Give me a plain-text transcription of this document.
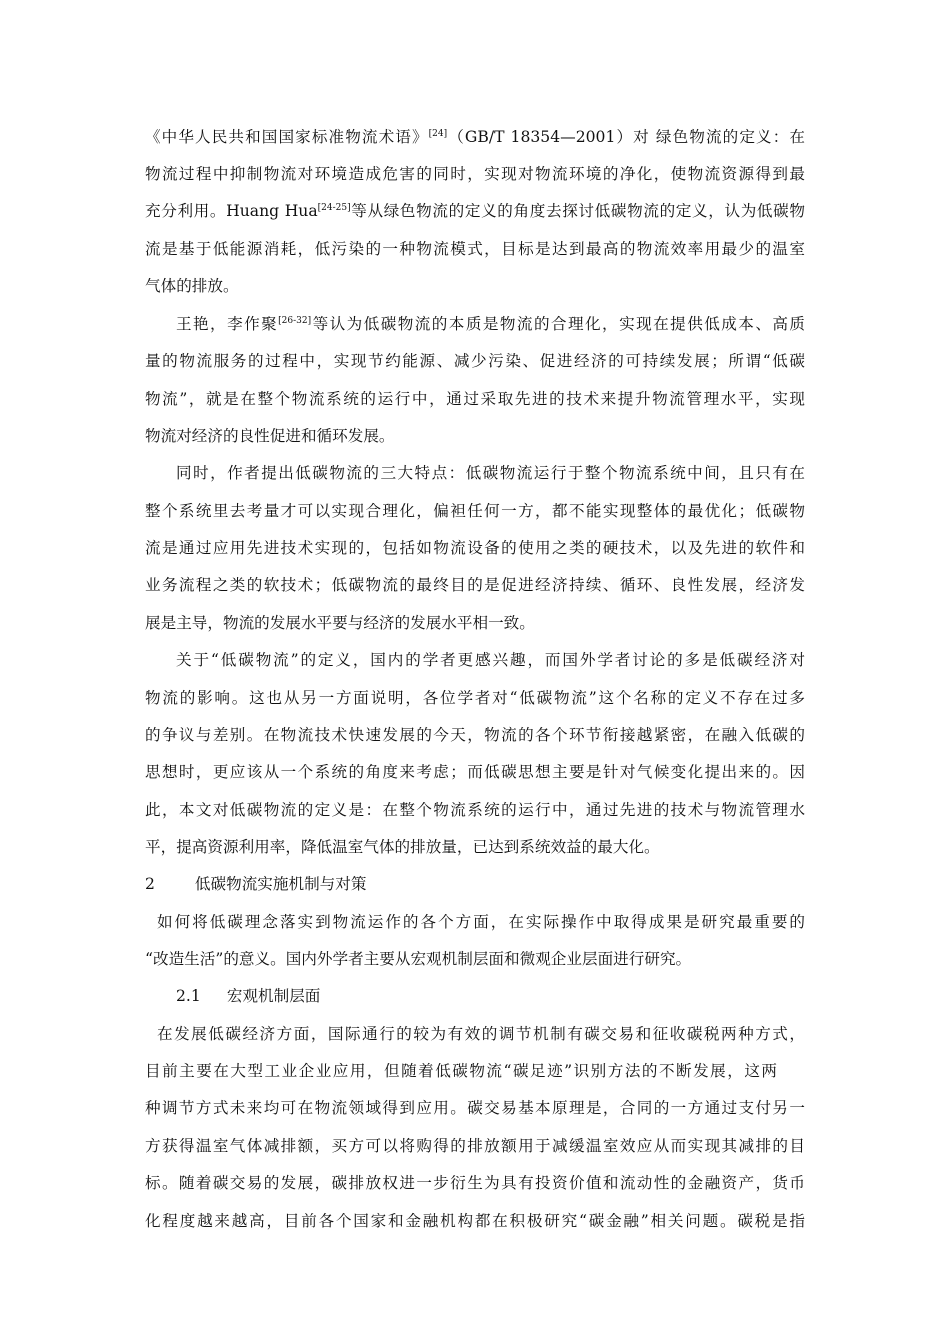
《中华人民共和国国家标准物流术语》[24]（GB/T 18354—2001）对 绿色物流的定义：在
物流过程中抑制物流对环境造成危害的同时，实现对物流环境的净化，使物流资源得到最
充分利用。Huang Hua[24-25]等从绿色物流的定义的角度去探讨低碳物流的定义，认为低碳物
流是基于低能源消耗，低污染的一种物流模式，目标是达到最高的物流效率用最少的温室
气体的排放。
王艳，李作聚[26-32]等认为低碳物流的本质是物流的合理化，实现在提供低成本、高质
量的物流服务的过程中，实现节约能源、减少污染、促进经济的可持续发展；所谓“低碳
物流”，就是在整个物流系统的运行中，通过采取先进的技术来提升物流管理水平，实现
物流对经济的良性促进和循环发展。
同时，作者提出低碳物流的三大特点：低碳物流运行于整个物流系统中间，且只有在
整个系统里去考量才可以实现合理化，偏袒任何一方，都不能实现整体的最优化；低碳物
流是通过应用先进技术实现的，包括如物流设备的使用之类的硬技术，以及先进的软件和
业务流程之类的软技术；低碳物流的最终目的是促进经济持续、循环、良性发展，经济发
展是主导，物流的发展水平要与经济的发展水平相一致。
关于“低碳物流”的定义，国内的学者更感兴趣，而国外学者讨论的多是低碳经济对
物流的影响。这也从另一方面说明，各位学者对“低碳物流”这个名称的定义不存在过多
的争议与差别。在物流技术快速发展的今天，物流的各个环节衔接越紧密，在融入低碳的
思想时，更应该从一个系统的角度来考虑；而低碳思想主要是针对气候变化提出来的。因
此，本文对低碳物流的定义是：在整个物流系统的运行中，通过先进的技术与物流管理水
平，提高资源利用率，降低温室气体的排放量，已达到系统效益的最大化。
2	低碳物流实施机制与对策
如何将低碳理念落实到物流运作的各个方面，在实际操作中取得成果是研究最重要的
“改造生活”的意义。国内外学者主要从宏观机制层面和微观企业层面进行研究。
2.1 宏观机制层面
在发展低碳经济方面，国际通行的较为有效的调节机制有碳交易和征收碳税两种方式，
目前主要在大型工业企业应用，但随着低碳物流“碳足迹”识别方法的不断发展，这两
种调节方式未来均可在物流领域得到应用。碳交易基本原理是，合同的一方通过支付另一
方获得温室气体减排额，买方可以将购得的排放额用于减缓温室效应从而实现其减排的目
标。随着碳交易的发展，碳排放权进一步衍生为具有投资价值和流动性的金融资产，货币
化程度越来越高，目前各个国家和金融机构都在积极研究“碳金融”相关问题。碳税是指
